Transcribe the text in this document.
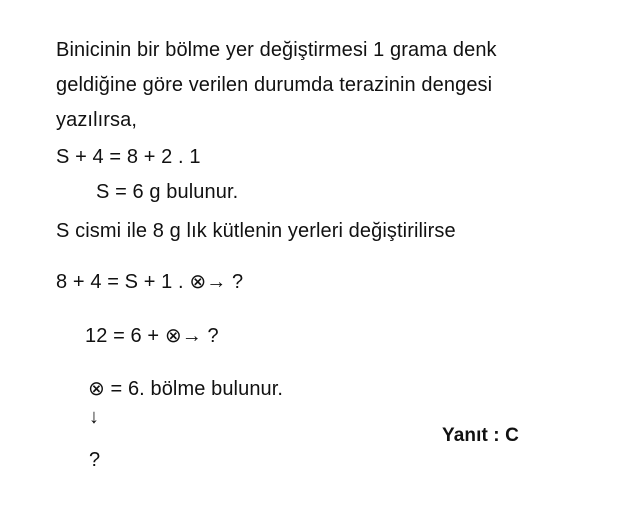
Binicinin bir bölme yer değiştirmesi 1 grama denk
geldiğine göre verilen durumda terazinin dengesi
yazılırsa,
S + 4 = 8 + 2 . 1
S = 6 g bulunur.
S cismi ile 8 g lık kütlenin yerleri değiştirilirse
8 + 4 = S + 1 . ⊗→ ?
12 = 6 + ⊗→ ?
⊗ = 6. bölme bulunur.
↓
?
Yanıt : C
